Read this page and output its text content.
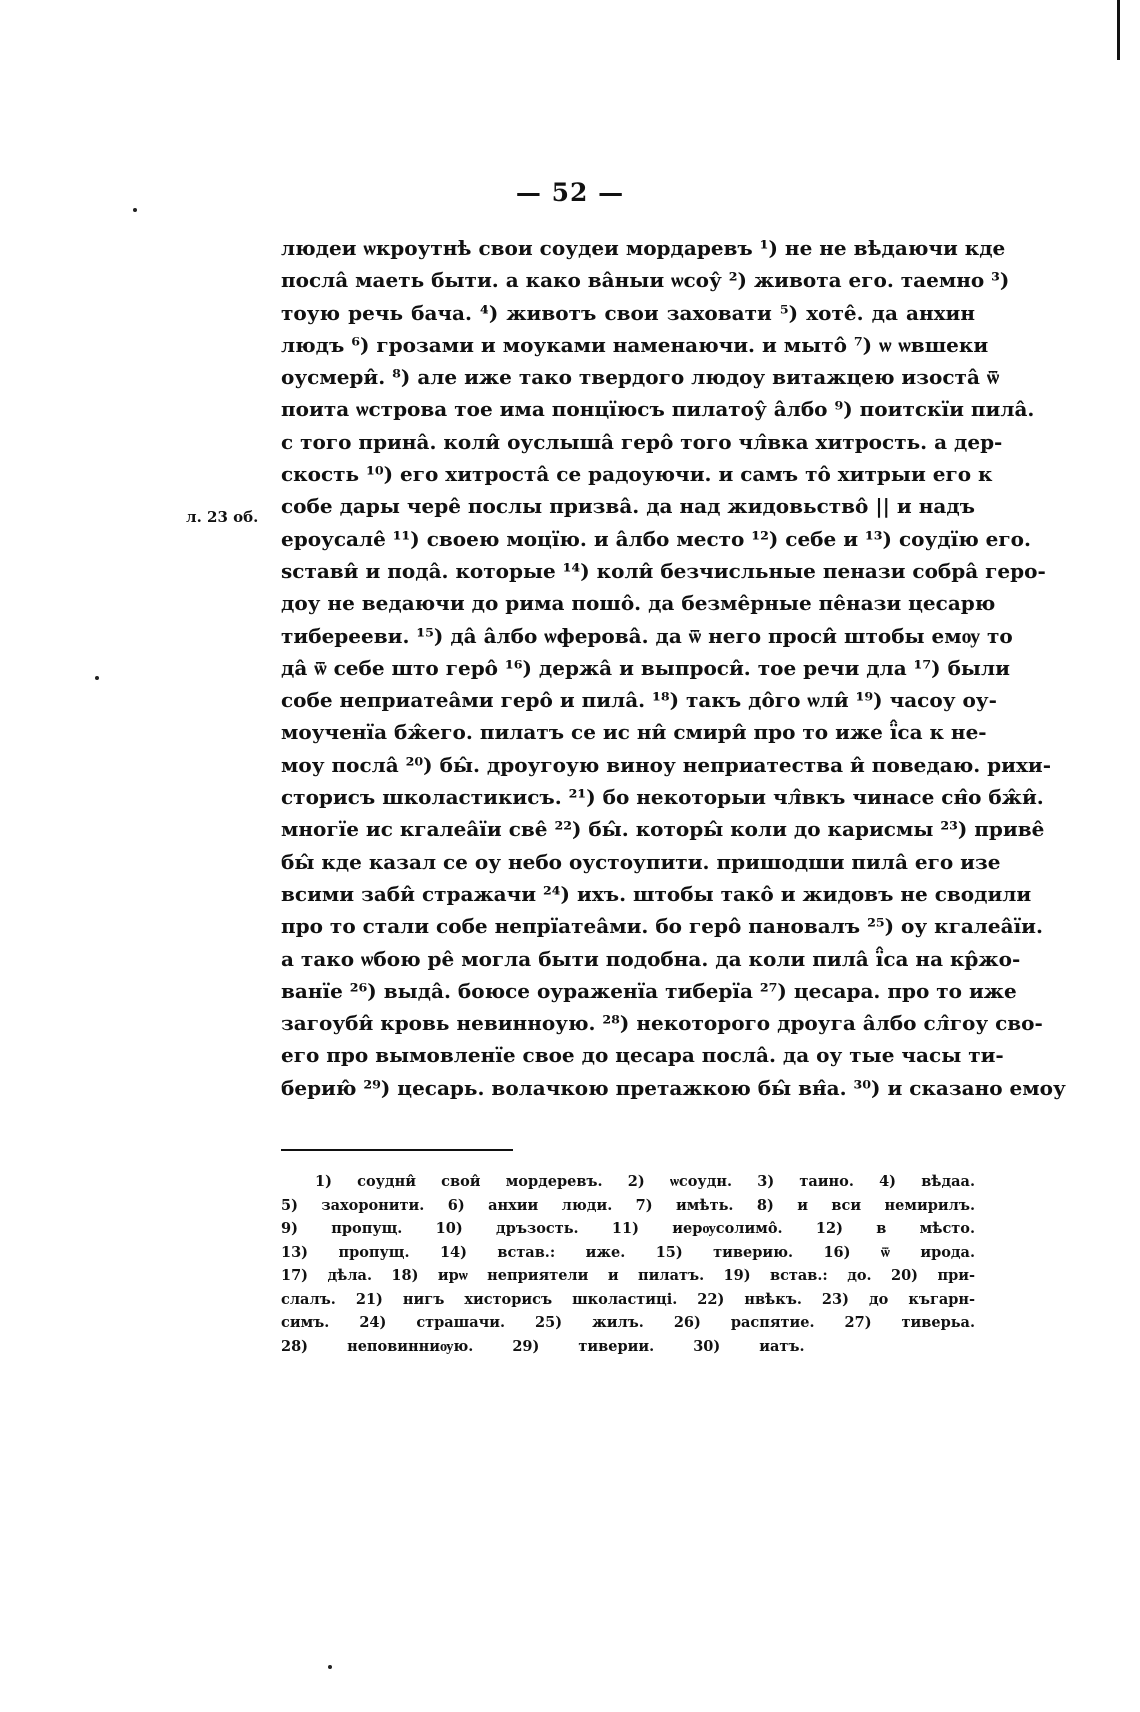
— 52 —
л. 23 об.
людеи ѡкроутнѣ свои соудеи мордаревъ ¹) не не вѣдаючи кде
посла̂ маеть быти. а како ва̂ныи ѡсоу̂ ²) живота его. таемно ³)
тоую речь бача. ⁴) животъ свои заховати ⁵) хоте̂. да анхин
людъ ⁶) грозами и моуками наменаючи. и мыто̂ ⁷) ѡ ѡвшеки
оусмери̂. ⁸) але иже тако твердого людоу витажцею изоста̂ ѿ
поита ѡстрова тое има понцїюсъ пилатоу̂ а̂лбо ⁹) поитскїи пила̂.
с того прина̂. коли̂ оуслыша̂ геро̂ того чл̂вка хитрость. а дер-
скость ¹⁰) его хитроста̂ се радоуючи. и самъ то̂ хитрыи его к
собе дары чере̂ послы призва̂. да над жидовьство̂ || и надъ
ероусале̂ ¹¹) своею моцїю. и а̂лбо место ¹²) себе и ¹³) соудїю его.
ѕстави̂ и пода̂. которые ¹⁴) коли̂ безчисльные пенази собра̂ геро-
доу не ведаючи до рима пошо̂. да безме̂рные пе̂нази цесарю
тиберееви. ¹⁵) да̂ а̂лбо ѡферова̂. да ѿ него проси̂ штобы емѹ то
да̂ ѿ себе што геро̂ ¹⁶) держа̂ и выпроси̂. тое речи дла ¹⁷) были
собе неприатеа̂ми геро̂ и пила̂. ¹⁸) такъ до̂го ѡли̂ ¹⁹) часоу оу-
моученїа бж̂его. пилатъ се ис ни̂ смири̂ про то иже ї̂са к не-
моу посла̂ ²⁰) бы̂. дроугоую виноу неприатества и̂ поведаю. рихи-
сторисъ школастикисъ. ²¹) бо некоторыи чл̂вкъ чинасе сн̂о бж̂и̂.
многїе ис кгалеа̂їи све̂ ²²) бы̂. которы̂ коли до карисмы ²³) приве̂
бы̂ кде казал се оу небо оустоупити. пришодши пила̂ его изе
всими заби̂ стражачи ²⁴) ихъ. штобы тако̂ и жидовъ не сводили
про то стали собе непрїатеа̂ми. бо геро̂ пановалъ ²⁵) оу кгалеа̂їи.
а тако ѡбою ре̂ могла быти подобна. да коли пила̂ ї̂са на кр̂жо-
ванїе ²⁶) выда̂. боюсе оураженїа тиберїа ²⁷) цесара. про то иже
загоуби̂ кровь невинноую. ²⁸) некоторого дроуга а̂лбо сл̂гоу сво-
его про вымовленїе свое до цесара посла̂. да оу тые часы ти-
берию̂ ²⁹) цесарь. волачкою претажкою бы̂ вн̂а. ³⁰) и сказано емоу
1) соудни̂ свои̂ мордеревъ. 2) ѡсоудн. 3) таино. 4) вѣдаа.
5) захоронити. 6) анхии люди. 7) имѣть. 8) и вси немирилъ.
9) пропущ. 10) дръзость. 11) иерѹсолимо̂. 12) в мѣсто.
13) пропущ. 14) встав.: иже. 15) тиверию. 16) ѿ ирода.
17) дѣла. 18) ирѡ неприятели и пилатъ. 19) встав.: до. 20) при-
слалъ. 21) нигъ хисторисъ школастиці. 22) нвѣкъ. 23) до къгарн-
симъ. 24) страшачи. 25) жилъ. 26) распятие. 27) тиверьа.
28) неповинниѹю. 29) тиверии. 30) иатъ.
